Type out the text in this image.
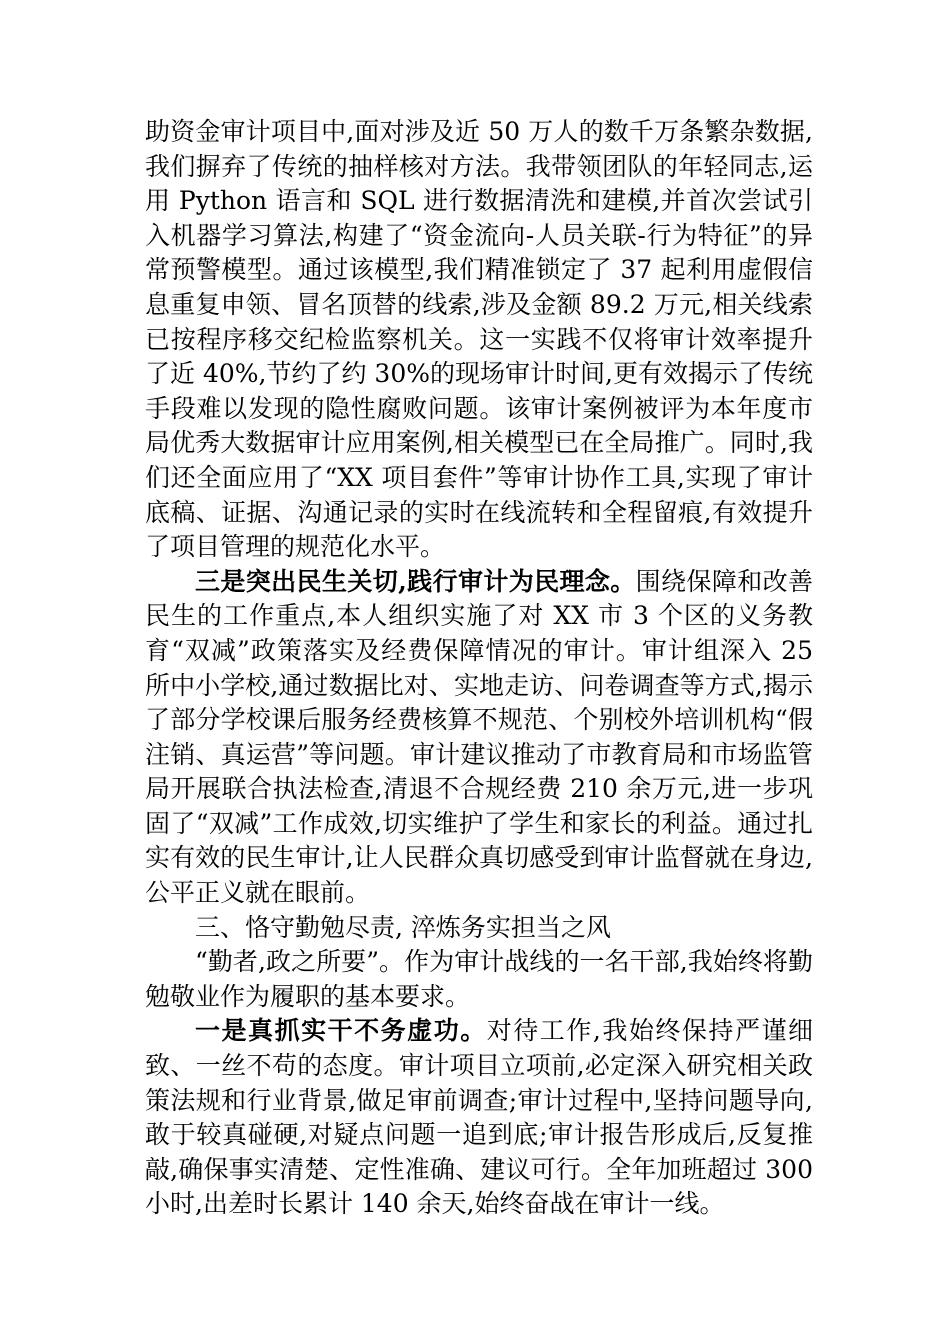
助资金审计项目中,面对涉及近 50 万人的数千万条繁杂数据,我们摒弃了传统的抽样核对方法。我带领团队的年轻同志,运用 Python 语言和 SQL 进行数据清洗和建模,并首次尝试引入机器学习算法,构建了“资金流向-人员关联-行为特征”的异常预警模型。通过该模型,我们精准锁定了 37 起利用虚假信息重复申领、冒名顶替的线索,涉及金额 89.2 万元,相关线索已按程序移交纪检监察机关。这一实践不仅将审计效率提升了近 40%,节约了约 30%的现场审计时间,更有效揭示了传统手段难以发现的隐性腐败问题。该审计案例被评为本年度市局优秀大数据审计应用案例,相关模型已在全局推广。同时,我们还全面应用了“XX 项目套件”等审计协作工具,实现了审计底稿、证据、沟通记录的实时在线流转和全程留痕,有效提升了项目管理的规范化水平。

三是突出民生关切,践行审计为民理念。围绕保障和改善民生的工作重点,本人组织实施了对 XX 市 3 个区的义务教育“双减”政策落实及经费保障情况的审计。审计组深入 25 所中小学校,通过数据比对、实地走访、问卷调查等方式,揭示了部分学校课后服务经费核算不规范、个别校外培训机构“假注销、真运营”等问题。审计建议推动了市教育局和市场监管局开展联合执法检查,清退不合规经费 210 余万元,进一步巩固了“双减”工作成效,切实维护了学生和家长的利益。通过扎实有效的民生审计,让人民群众真切感受到审计监督就在身边,公平正义就在眼前。

三、恪守勤勉尽责, 淬炼务实担当之风

“勤者,政之所要”。作为审计战线的一名干部,我始终将勤勉敬业作为履职的基本要求。

一是真抓实干不务虚功。对待工作,我始终保持严谨细致、一丝不苟的态度。审计项目立项前,必定深入研究相关政策法规和行业背景,做足审前调查;审计过程中,坚持问题导向,敢于较真碰硬,对疑点问题一追到底;审计报告形成后,反复推敲,确保事实清楚、定性准确、建议可行。全年加班超过 300 小时,出差时长累计 140 余天,始终奋战在审计一线。
